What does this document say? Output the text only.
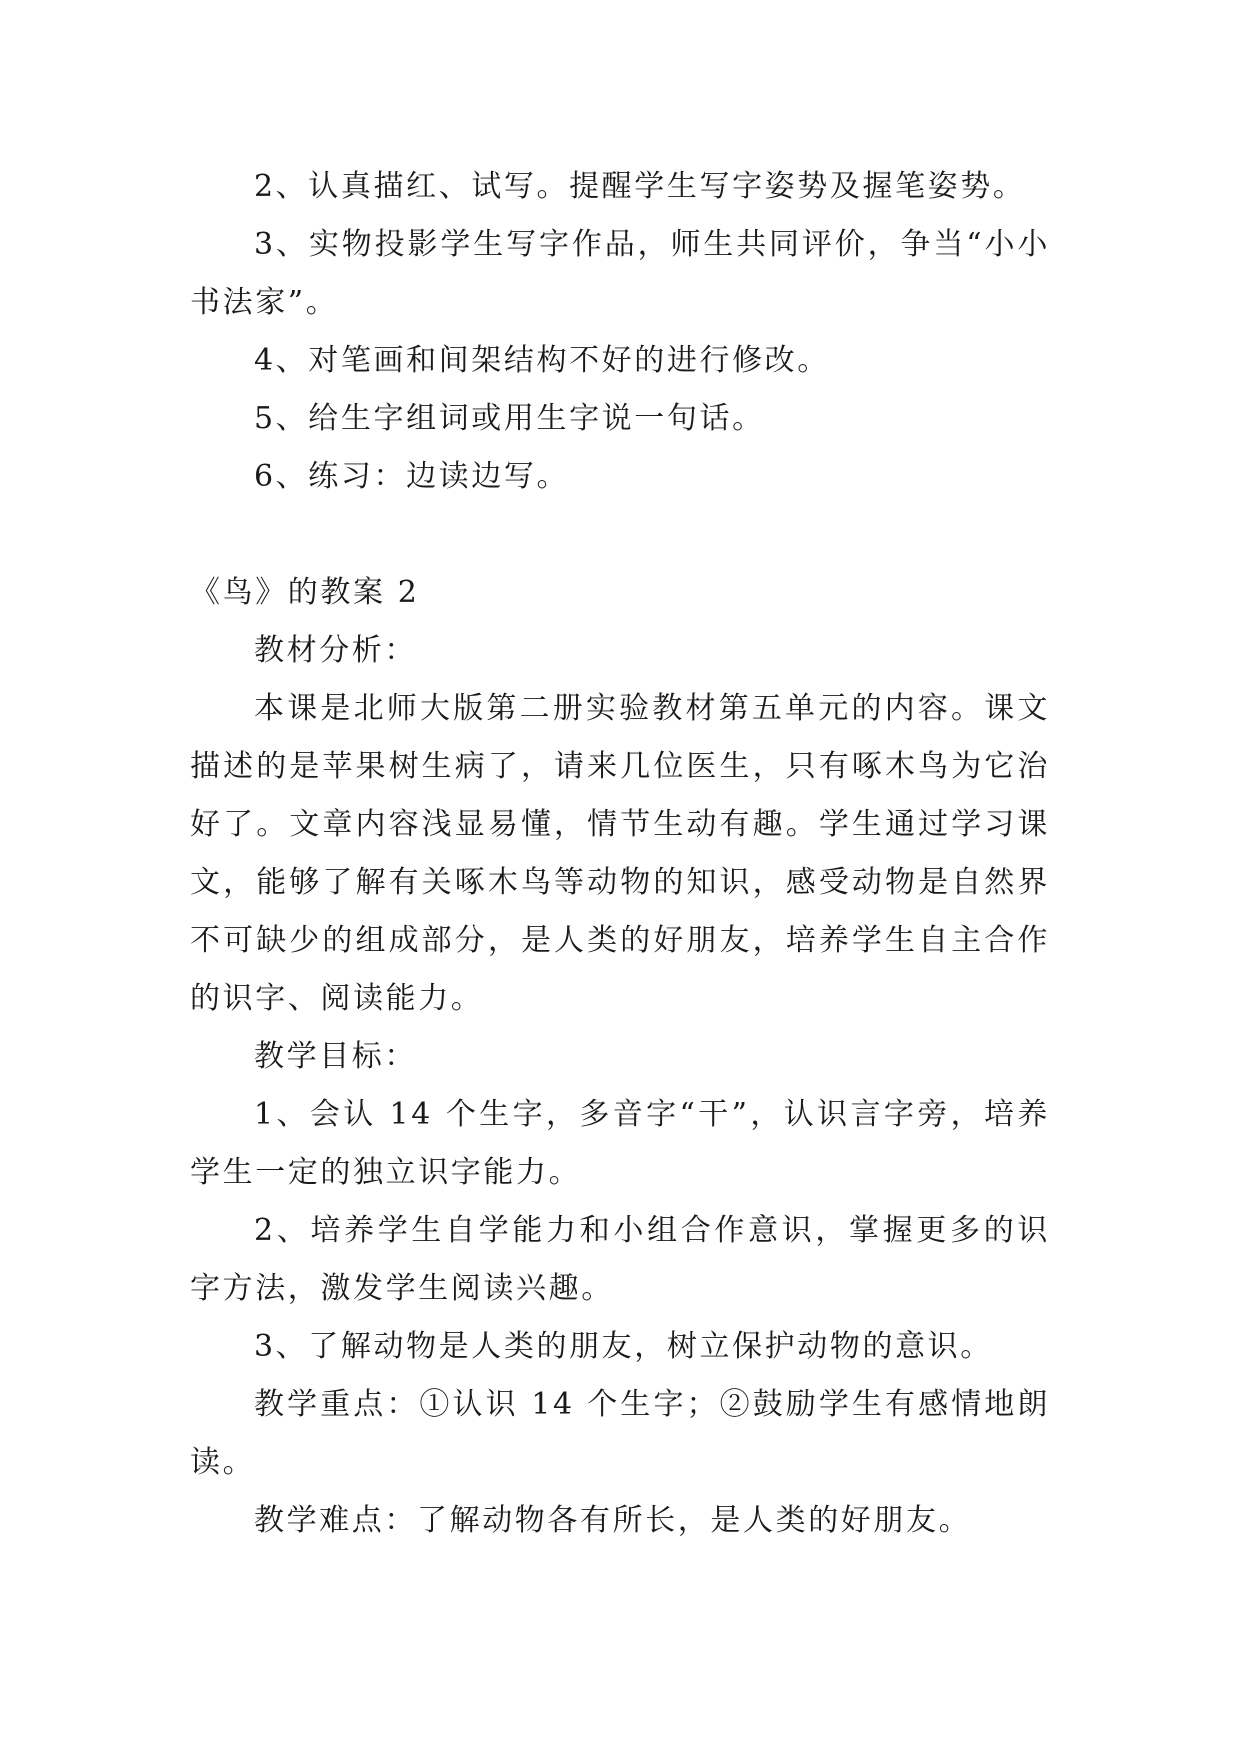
2、认真描红、试写。提醒学生写字姿势及握笔姿势。

3、实物投影学生写字作品，师生共同评价，争当“小小书法家”。

4、对笔画和间架结构不好的进行修改。

5、给生字组词或用生字说一句话。

6、练习：边读边写。

《鸟》的教案 2

教材分析：

本课是北师大版第二册实验教材第五单元的内容。课文描述的是苹果树生病了，请来几位医生，只有啄木鸟为它治好了。文章内容浅显易懂，情节生动有趣。学生通过学习课文，能够了解有关啄木鸟等动物的知识，感受动物是自然界不可缺少的组成部分，是人类的好朋友，培养学生自主合作的识字、阅读能力。

教学目标：

1、会认 14 个生字，多音字“干”，认识言字旁，培养学生一定的独立识字能力。

2、培养学生自学能力和小组合作意识，掌握更多的识字方法，激发学生阅读兴趣。

3、了解动物是人类的朋友，树立保护动物的意识。

教学重点：①认识 14 个生字；②鼓励学生有感情地朗读。

教学难点：了解动物各有所长，是人类的好朋友。
